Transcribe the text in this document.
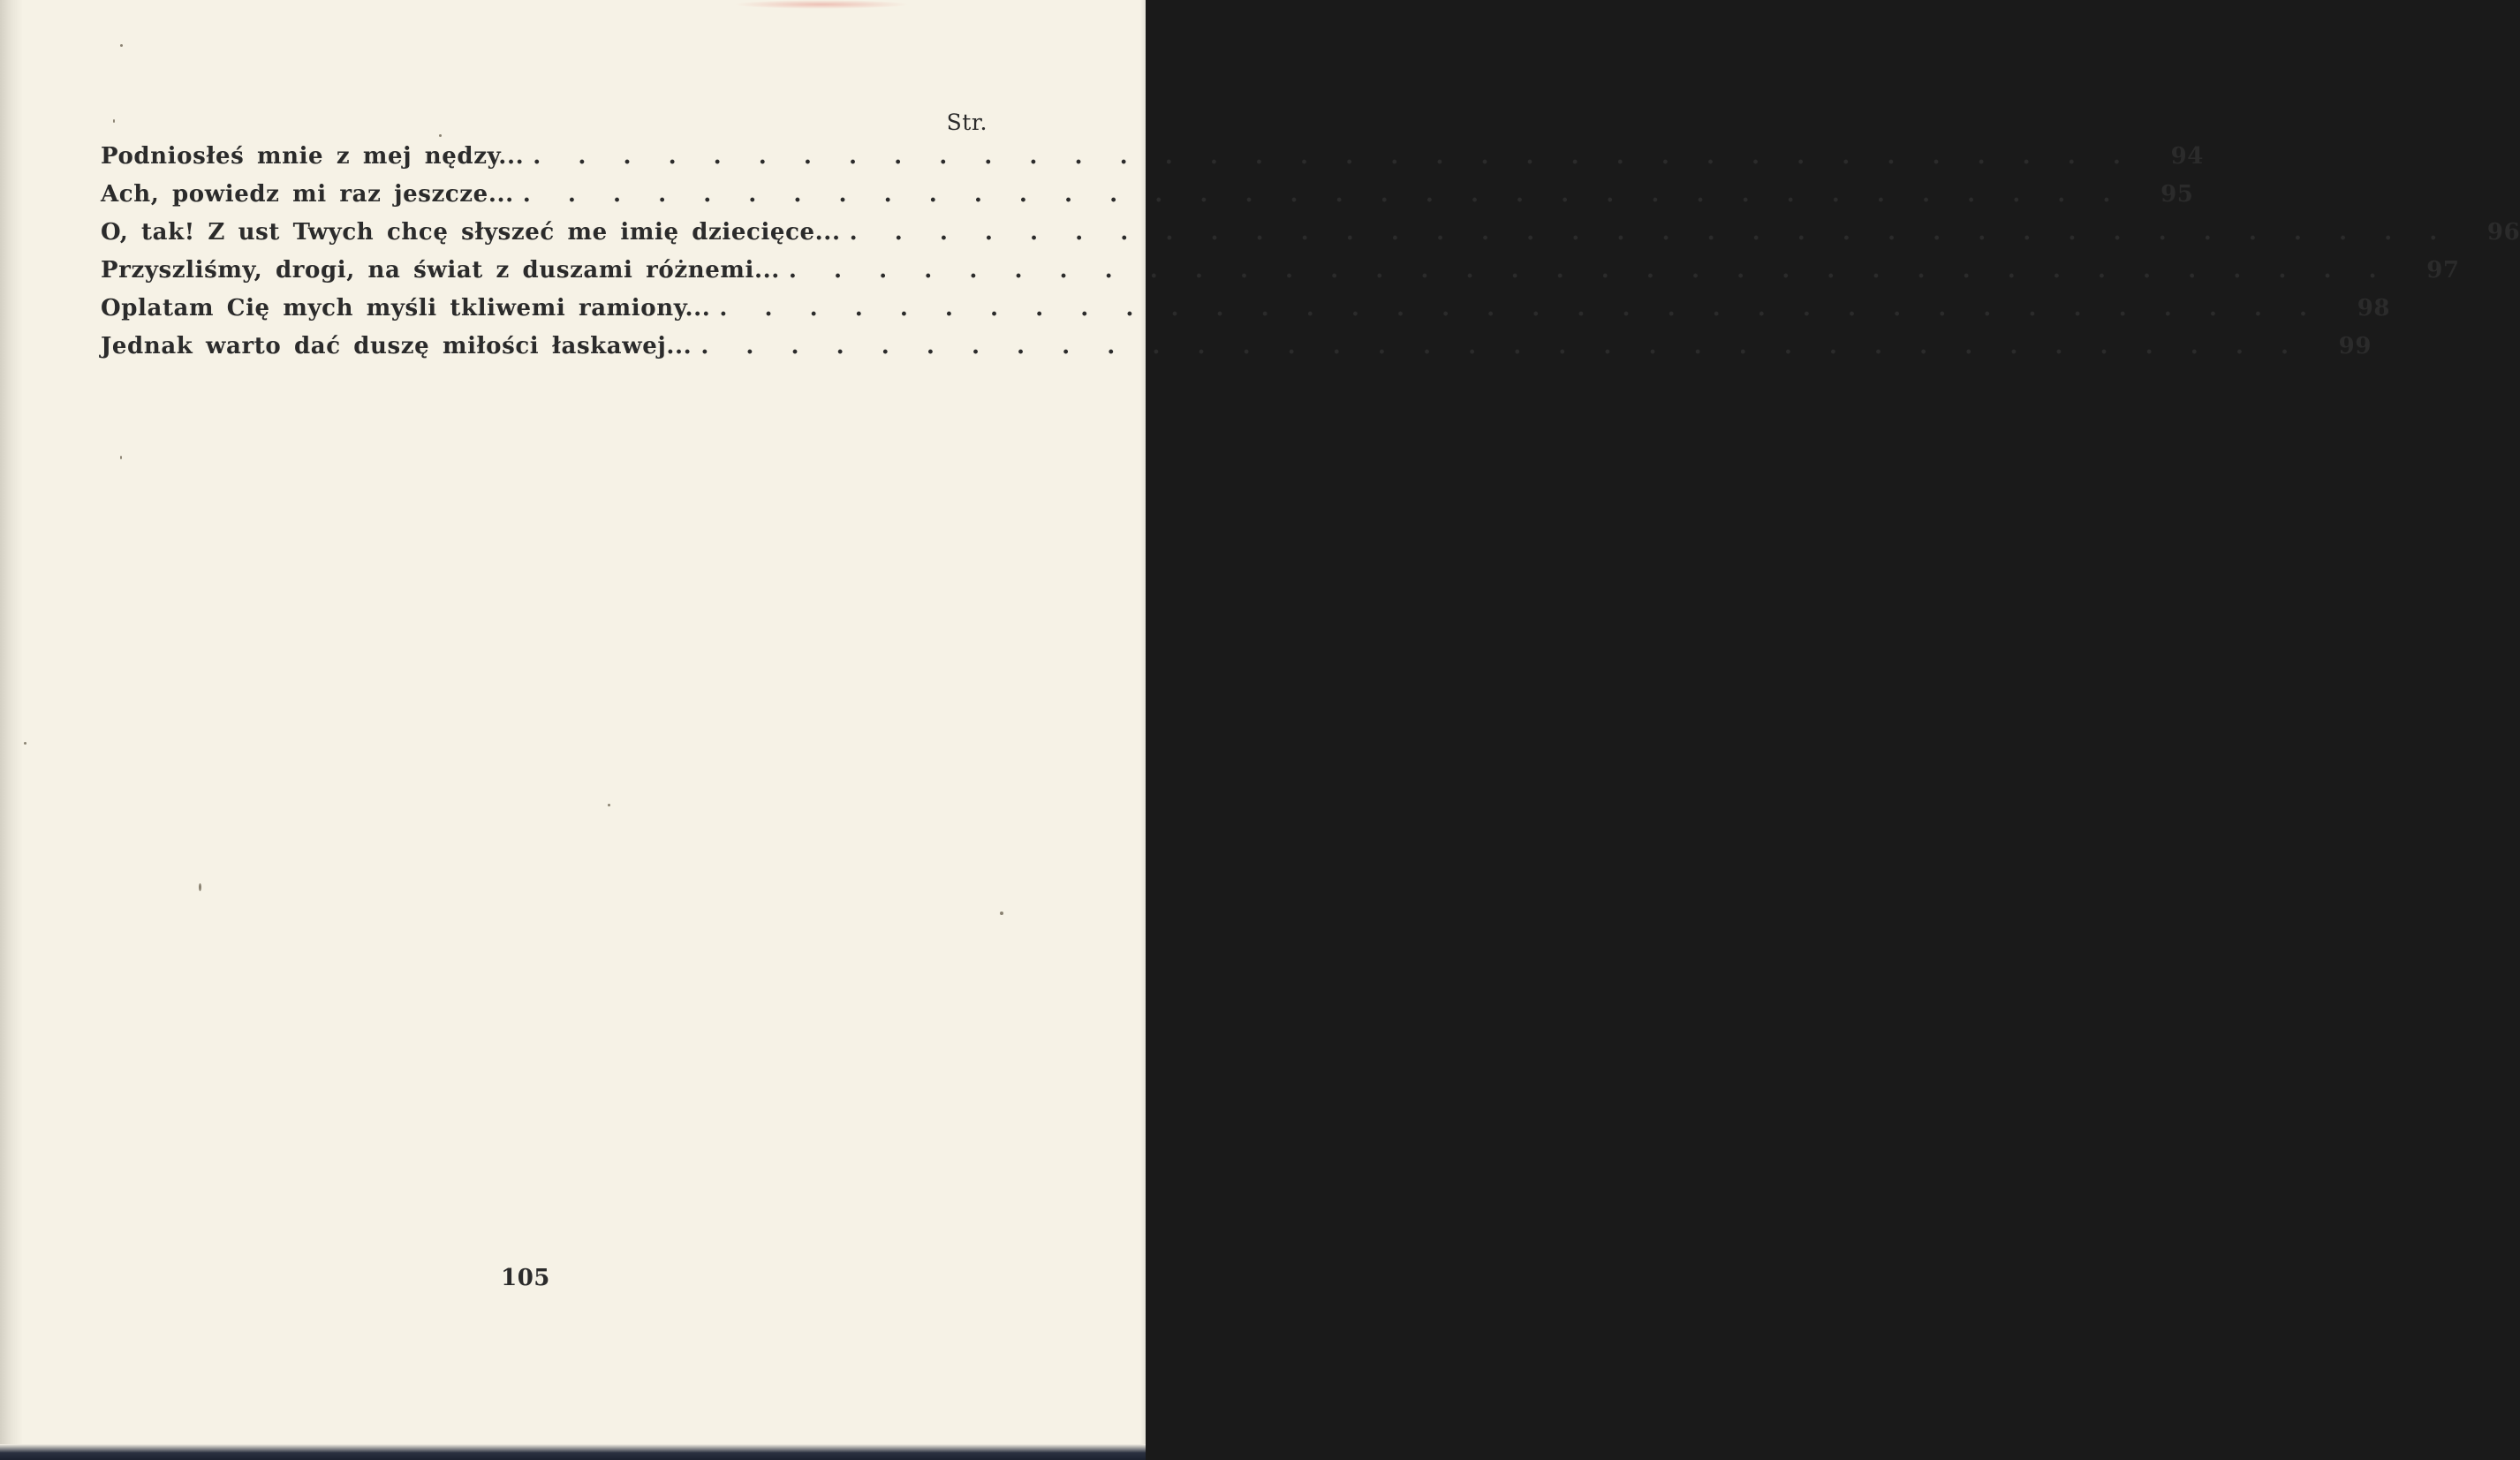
Str.
Podniosłeś mnie z mej nędzy... . . . . . . . . . . . . . . . . . . . . . . . . . . . . . . . . . . . .	94
Ach, powiedz mi raz jeszcze... . . . . . . . . . . . . . . . . . . . . . . . . . . . . . . . . . . . .	95
O, tak! Z ust Twych chcę słyszeć me imię dziecięce... . . . . . . . . . . . . . . . . . . . . . . . . . . . . . . . . . . . .	96
Przyszliśmy, drogi, na świat z duszami różnemi... . . . . . . . . . . . . . . . . . . . . . . . . . . . . . . . . . . . .	97
Oplatam Cię mych myśli tkliwemi ramiony... . . . . . . . . . . . . . . . . . . . . . . . . . . . . . . . . . . . .	98
Jednak warto dać duszę miłości łaskawej... . . . . . . . . . . . . . . . . . . . . . . . . . . . . . . . . . . . .	99
105
